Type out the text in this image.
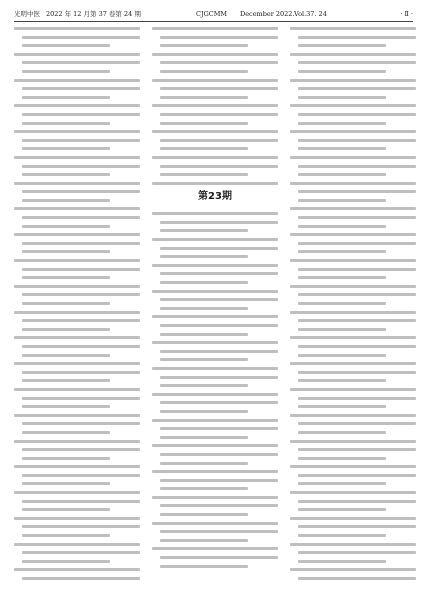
光明中医 2022 年 12 月第 37 卷第 24 期	CJGCMM December 2022. Vol.37. 24	· Ⅱ ·
第23期
